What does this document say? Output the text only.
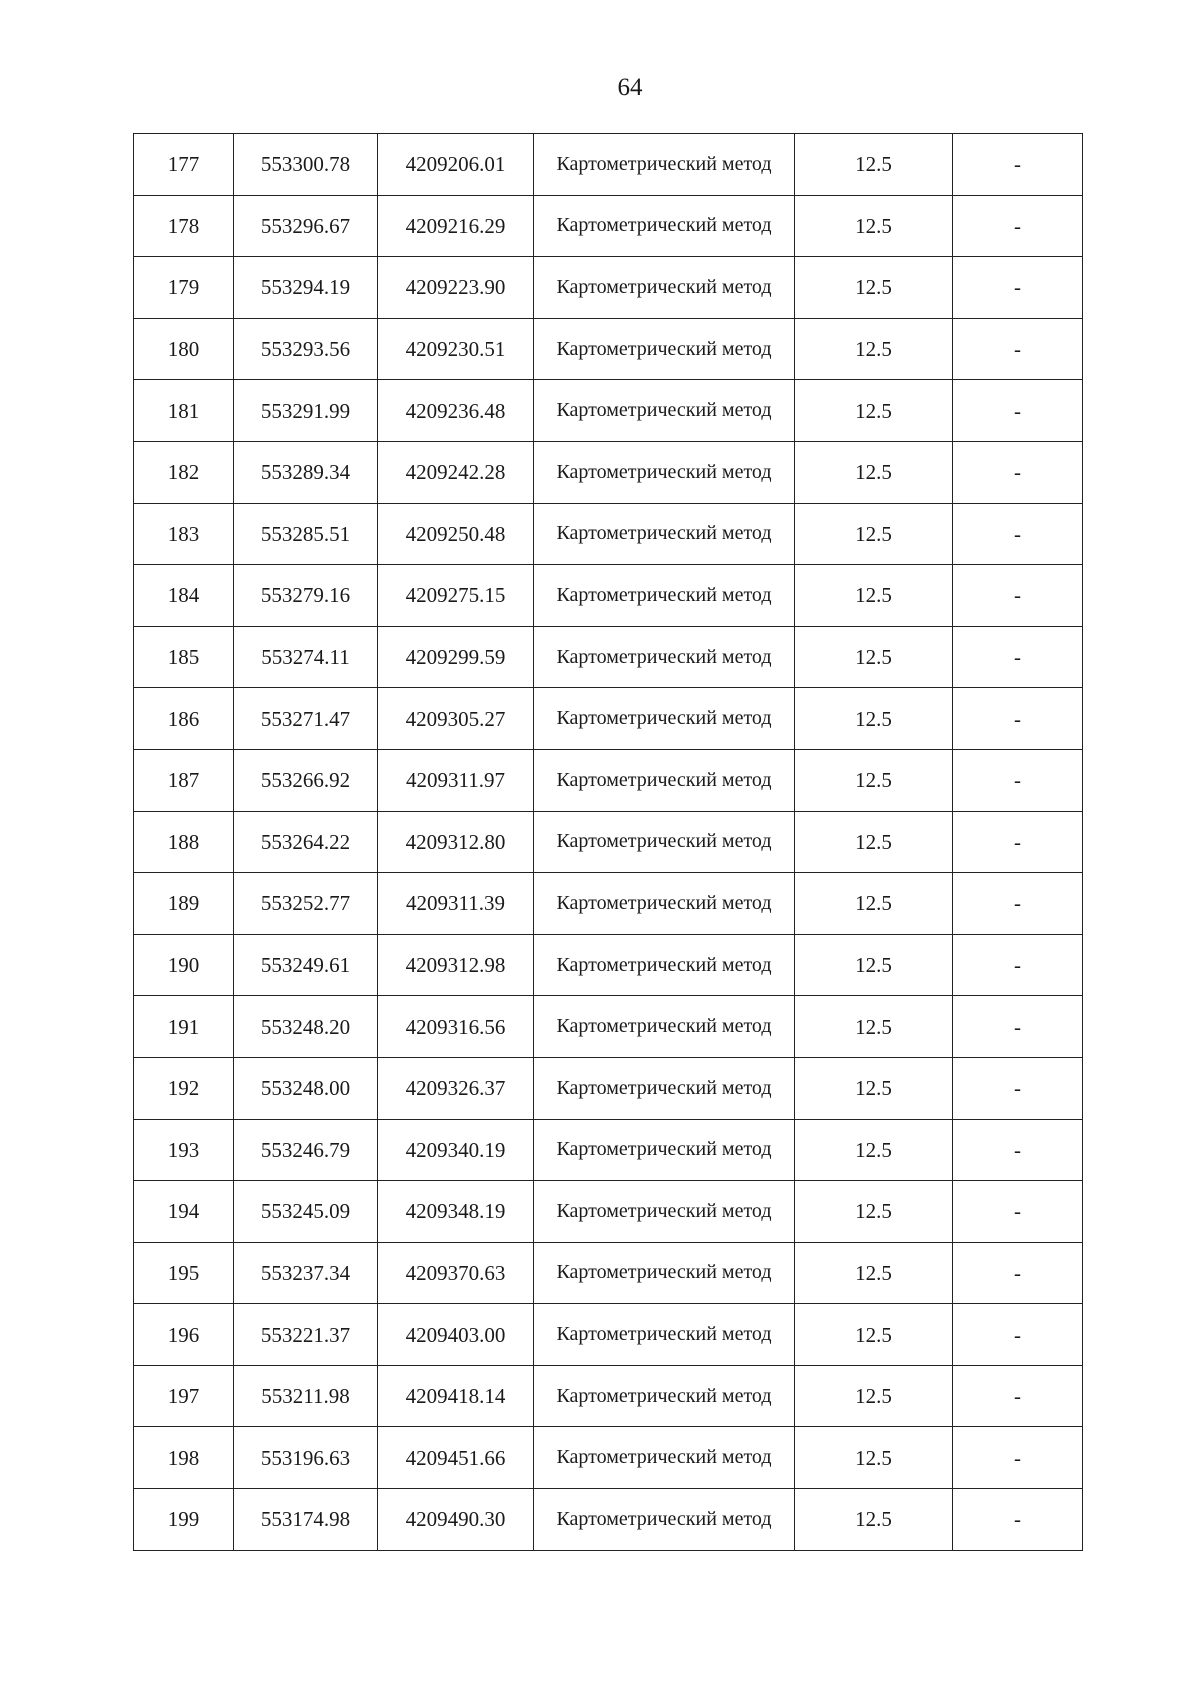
64
177	553300.78	4209206.01	Картометрический метод	12.5	-
178	553296.67	4209216.29	Картометрический метод	12.5	-
179	553294.19	4209223.90	Картометрический метод	12.5	-
180	553293.56	4209230.51	Картометрический метод	12.5	-
181	553291.99	4209236.48	Картометрический метод	12.5	-
182	553289.34	4209242.28	Картометрический метод	12.5	-
183	553285.51	4209250.48	Картометрический метод	12.5	-
184	553279.16	4209275.15	Картометрический метод	12.5	-
185	553274.11	4209299.59	Картометрический метод	12.5	-
186	553271.47	4209305.27	Картометрический метод	12.5	-
187	553266.92	4209311.97	Картометрический метод	12.5	-
188	553264.22	4209312.80	Картометрический метод	12.5	-
189	553252.77	4209311.39	Картометрический метод	12.5	-
190	553249.61	4209312.98	Картометрический метод	12.5	-
191	553248.20	4209316.56	Картометрический метод	12.5	-
192	553248.00	4209326.37	Картометрический метод	12.5	-
193	553246.79	4209340.19	Картометрический метод	12.5	-
194	553245.09	4209348.19	Картометрический метод	12.5	-
195	553237.34	4209370.63	Картометрический метод	12.5	-
196	553221.37	4209403.00	Картометрический метод	12.5	-
197	553211.98	4209418.14	Картометрический метод	12.5	-
198	553196.63	4209451.66	Картометрический метод	12.5	-
199	553174.98	4209490.30	Картометрический метод	12.5	-
